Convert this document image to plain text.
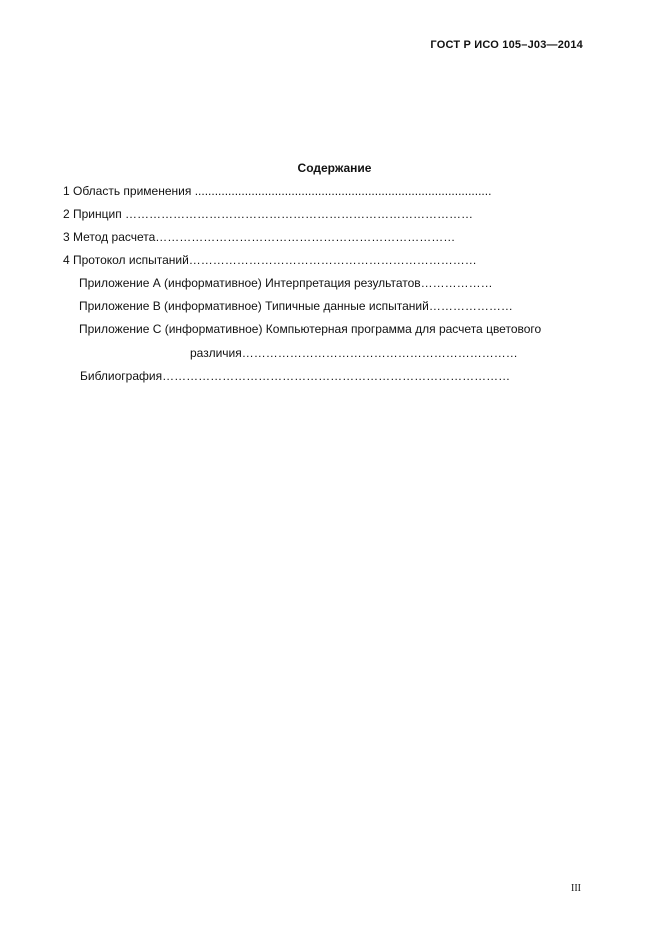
ГОСТ Р ИСО 105–J03—2014
Содержание
1 Область применения .........................................................................................
2 Принцип ……………………………………………………………………………
3 Метод расчета…………………………………………………………………
4 Протокол испытаний………………………………………………………………
Приложение А (информативное) Интерпретация результатов………………
Приложение В (информативное) Типичные данные испытаний…………………
Приложение С (информативное) Компьютерная программа для расчета цветового
различия……………………………………………………………
Библиография……………………………………………………………………………
III
